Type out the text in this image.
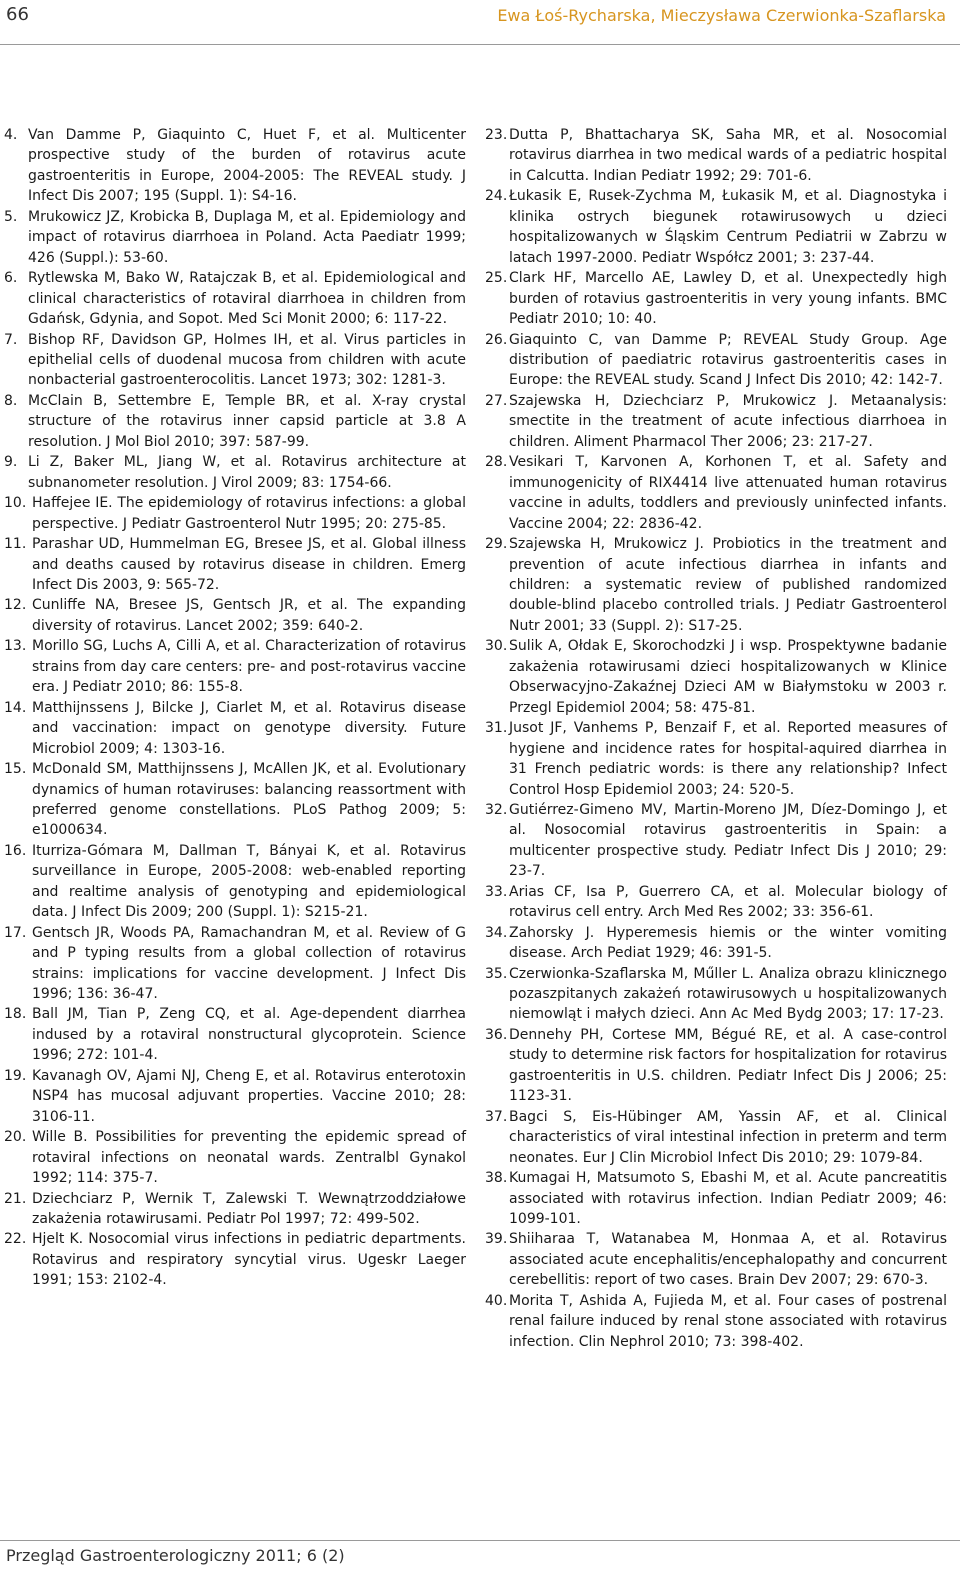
66	Ewa Łoś-Rycharska, Mieczysława Czerwionka-Szaflarska
4. Van Damme P, Giaquinto C, Huet F, et al. Multicenter prospective study of the burden of rotavirus acute gastroenteritis in Europe, 2004-2005: The REVEAL study. J Infect Dis 2007; 195 (Suppl. 1): S4-16.
5. Mrukowicz JZ, Krobicka B, Duplaga M, et al. Epidemiology and impact of rotavirus diarrhoea in Poland. Acta Paediatr 1999; 426 (Suppl.): 53-60.
6. Rytlewska M, Bako W, Ratajczak B, et al. Epidemiological and clinical characteristics of rotaviral diarrhoea in children from Gdańsk, Gdynia, and Sopot. Med Sci Monit 2000; 6: 117-22.
7. Bishop RF, Davidson GP, Holmes IH, et al. Virus particles in epithelial cells of duodenal mucosa from children with acute nonbacterial gastroenterocolitis. Lancet 1973; 302: 1281-3.
8. McClain B, Settembre E, Temple BR, et al. X-ray crystal structure of the rotavirus inner capsid particle at 3.8 A resolution. J Mol Biol 2010; 397: 587-99.
9. Li Z, Baker ML, Jiang W, et al. Rotavirus architecture at subnanometer resolution. J Virol 2009; 83: 1754-66.
10. Haffejee IE. The epidemiology of rotavirus infections: a global perspective. J Pediatr Gastroenterol Nutr 1995; 20: 275-85.
11. Parashar UD, Hummelman EG, Bresee JS, et al. Global illness and deaths caused by rotavirus disease in children. Emerg Infect Dis 2003, 9: 565-72.
12. Cunliffe NA, Bresee JS, Gentsch JR, et al. The expanding diversity of rotavirus. Lancet 2002; 359: 640-2.
13. Morillo SG, Luchs A, Cilli A, et al. Characterization of rotavirus strains from day care centers: pre- and post-rotavirus vaccine era. J Pediatr 2010; 86: 155-8.
14. Matthijnssens J, Bilcke J, Ciarlet M, et al. Rotavirus disease and vaccination: impact on genotype diversity. Future Microbiol 2009; 4: 1303-16.
15. McDonald SM, Matthijnssens J, McAllen JK, et al. Evolutionary dynamics of human rotaviruses: balancing reassortment with preferred genome constellations. PLoS Pathog 2009; 5: e1000634.
16. Iturriza-Gómara M, Dallman T, Bányai K, et al. Rotavirus surveillance in Europe, 2005-2008: web-enabled reporting and realtime analysis of genotyping and epidemiological data. J Infect Dis 2009; 200 (Suppl. 1): S215-21.
17. Gentsch JR, Woods PA, Ramachandran M, et al. Review of G and P typing results from a global collection of rotavirus strains: implications for vaccine development. J Infect Dis 1996; 136: 36-47.
18. Ball JM, Tian P, Zeng CQ, et al. Age-dependent diarrhea indused by a rotaviral nonstructural glycoprotein. Science 1996; 272: 101-4.
19. Kavanagh OV, Ajami NJ, Cheng E, et al. Rotavirus enterotoxin NSP4 has mucosal adjuvant properties. Vaccine 2010; 28: 3106-11.
20. Wille B. Possibilities for preventing the epidemic spread of rotaviral infections on neonatal wards. Zentralbl Gynakol 1992; 114: 375-7.
21. Dziechciarz P, Wernik T, Zalewski T. Wewnątrzoddziałowe zakażenia rotawirusami. Pediatr Pol 1997; 72: 499-502.
22. Hjelt K. Nosocomial virus infections in pediatric departments. Rotavirus and respiratory syncytial virus. Ugeskr Laeger 1991; 153: 2102-4.
23. Dutta P, Bhattacharya SK, Saha MR, et al. Nosocomial rotavirus diarrhea in two medical wards of a pediatric hospital in Calcutta. Indian Pediatr 1992; 29: 701-6.
24. Łukasik E, Rusek-Zychma M, Łukasik M, et al. Diagnostyka i klinika ostrych biegunek rotawirusowych u dzieci hospitalizowanych w Śląskim Centrum Pediatrii w Zabrzu w latach 1997-2000. Pediatr Współcz 2001; 3: 237-44.
25. Clark HF, Marcello AE, Lawley D, et al. Unexpectedly high burden of rotavius gastroenteritis in very young infants. BMC Pediatr 2010; 10: 40.
26. Giaquinto C, van Damme P; REVEAL Study Group. Age distribution of paediatric rotavirus gastroenteritis cases in Europe: the REVEAL study. Scand J Infect Dis 2010; 42: 142-7.
27. Szajewska H, Dziechciarz P, Mrukowicz J. Metaanalysis: smectite in the treatment of acute infectious diarrhoea in children. Aliment Pharmacol Ther 2006; 23: 217-27.
28. Vesikari T, Karvonen A, Korhonen T, et al. Safety and immunogenicity of RIX4414 live attenuated human rotavirus vaccine in adults, toddlers and previously uninfected infants. Vaccine 2004; 22: 2836-42.
29. Szajewska H, Mrukowicz J. Probiotics in the treatment and prevention of acute infectious diarrhea in infants and children: a systematic review of published randomized double-blind placebo controlled trials. J Pediatr Gastroenterol Nutr 2001; 33 (Suppl. 2): S17-25.
30. Sulik A, Ołdak E, Skorochodzki J i wsp. Prospektywne badanie zakażenia rotawirusami dzieci hospitalizowanych w Klinice Obserwacyjno-Zakaźnej Dzieci AM w Białymstoku w 2003 r. Przegl Epidemiol 2004; 58: 475-81.
31. Jusot JF, Vanhems P, Benzaif F, et al. Reported measures of hygiene and incidence rates for hospital-aquired diarrhea in 31 French pediatric words: is there any relationship? Infect Control Hosp Epidemiol 2003; 24: 520-5.
32. Gutiérrez-Gimeno MV, Martin-Moreno JM, Díez-Domingo J, et al. Nosocomial rotavirus gastroenteritis in Spain: a multicenter prospective study. Pediatr Infect Dis J 2010; 29: 23-7.
33. Arias CF, Isa P, Guerrero CA, et al. Molecular biology of rotavirus cell entry. Arch Med Res 2002; 33: 356-61.
34. Zahorsky J. Hyperemesis hiemis or the winter vomiting disease. Arch Pediat 1929; 46: 391-5.
35. Czerwionka-Szaflarska M, Műller L. Analiza obrazu klinicznego pozaszpitanych zakażeń rotawirusowych u hospitalizowanych niemowląt i małych dzieci. Ann Ac Med Bydg 2003; 17: 17-23.
36. Dennehy PH, Cortese MM, Bégué RE, et al. A case-control study to determine risk factors for hospitalization for rotavirus gastroenteritis in U.S. children. Pediatr Infect Dis J 2006; 25: 1123-31.
37. Bagci S, Eis-Hübinger AM, Yassin AF, et al. Clinical characteristics of viral intestinal infection in preterm and term neonates. Eur J Clin Microbiol Infect Dis 2010; 29: 1079-84.
38. Kumagai H, Matsumoto S, Ebashi M, et al. Acute pancreatitis associated with rotavirus infection. Indian Pediatr 2009; 46: 1099-101.
39. Shiiharaa T, Watanabea M, Honmaa A, et al. Rotavirus associated acute encephalitis/encephalopathy and concurrent cerebellitis: report of two cases. Brain Dev 2007; 29: 670-3.
40. Morita T, Ashida A, Fujieda M, et al. Four cases of postrenal renal failure induced by renal stone associated with rotavirus infection. Clin Nephrol 2010; 73: 398-402.
Przegląd Gastroenterologiczny 2011; 6 (2)
